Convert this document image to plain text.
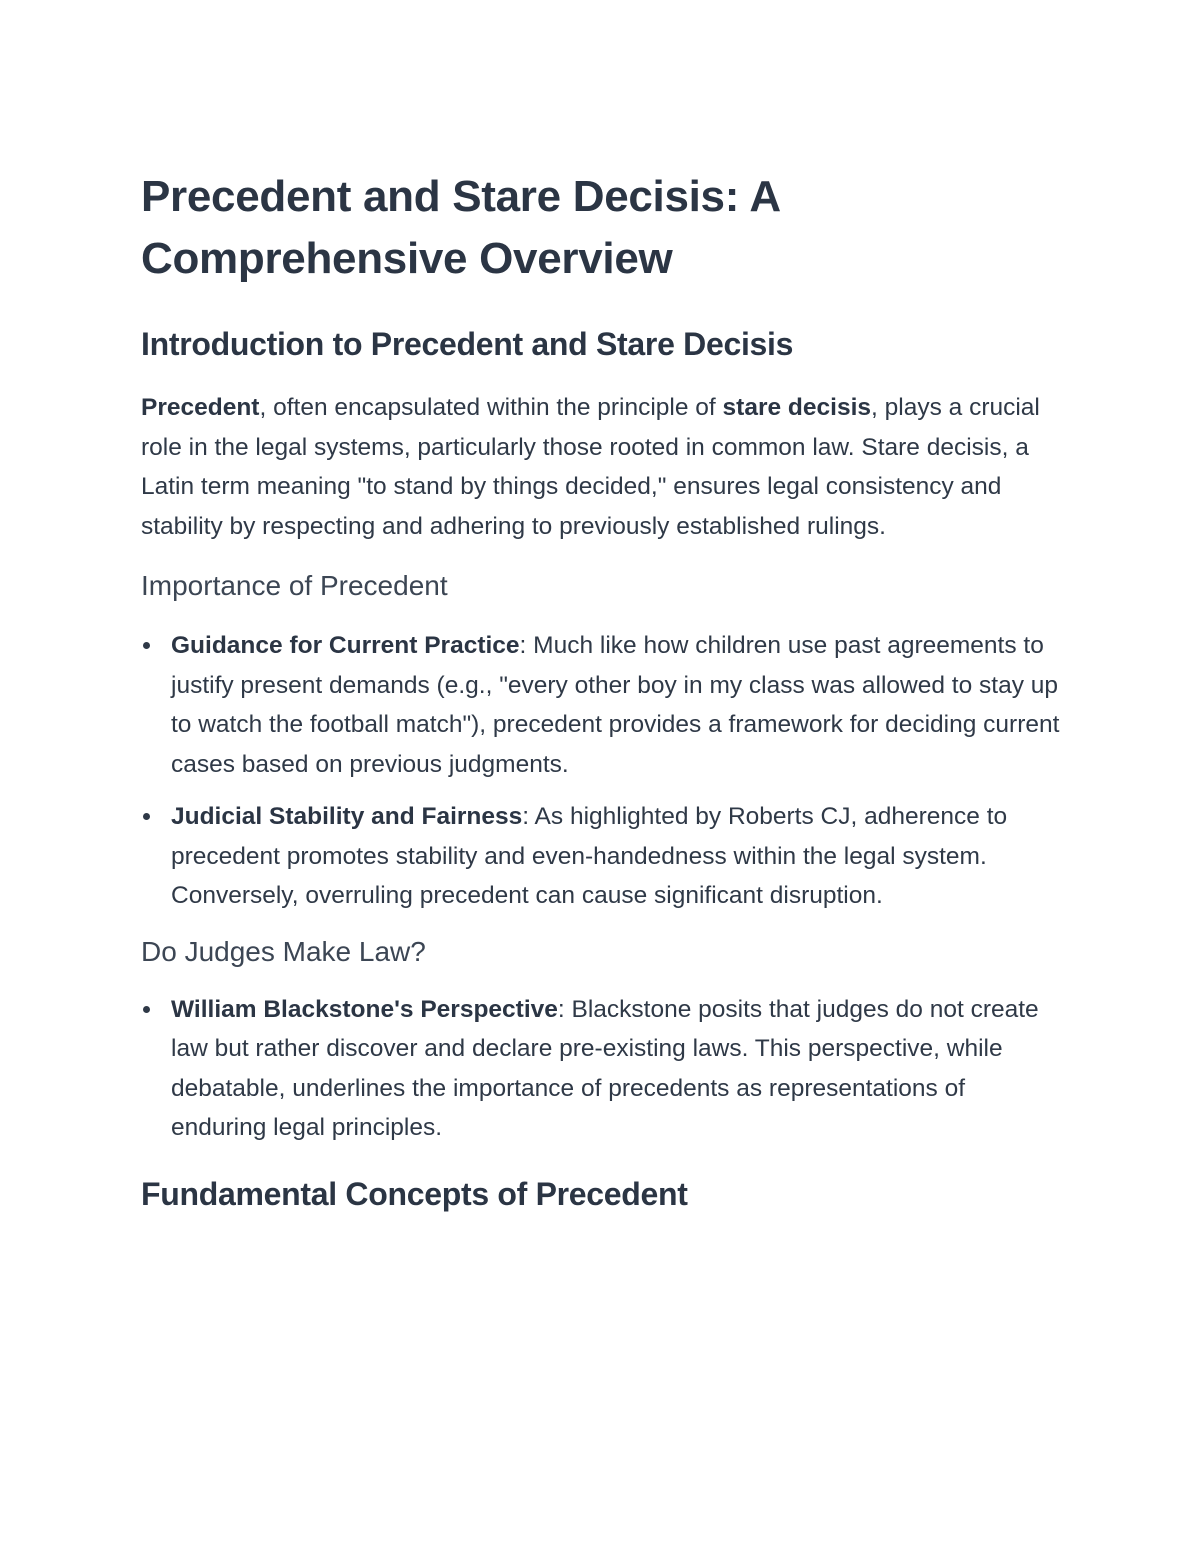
Precedent and Stare Decisis: A Comprehensive Overview
Introduction to Precedent and Stare Decisis

Precedent, often encapsulated within the principle of stare decisis, plays a crucial role in the legal systems, particularly those rooted in common law. Stare decisis, a Latin term meaning "to stand by things decided," ensures legal consistency and stability by respecting and adhering to previously established rulings.

Importance of Precedent
Guidance for Current Practice: Much like how children use past agreements to justify present demands (e.g., "every other boy in my class was allowed to stay up to watch the football match"), precedent provides a framework for deciding current cases based on previous judgments.
Judicial Stability and Fairness: As highlighted by Roberts CJ, adherence to precedent promotes stability and even-handedness within the legal system. Conversely, overruling precedent can cause significant disruption.
Do Judges Make Law?
William Blackstone's Perspective: Blackstone posits that judges do not create law but rather discover and declare pre-existing laws. This perspective, while debatable, underlines the importance of precedents as representations of enduring legal principles.
Fundamental Concepts of Precedent
